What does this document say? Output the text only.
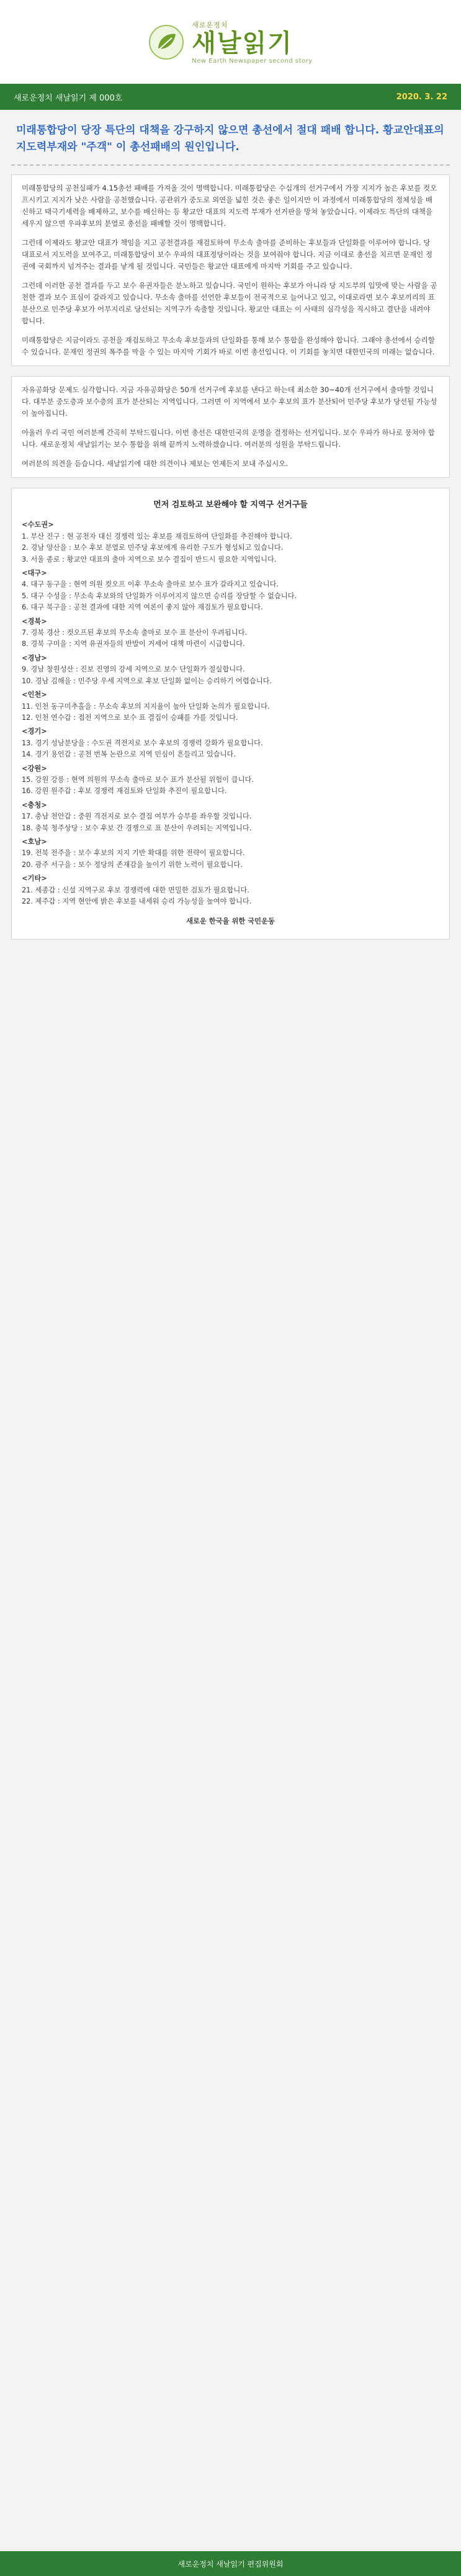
새로운정치
새날읽기
New Earth Newspaper second story
새로운정치 새날읽기 제 000호	2020. 3. 22

미래통합당이 당장 특단의 대책을 강구하지 않으면 총선에서 절대 패배 합니다. 황교안대표의 지도력부재와 "주객" 이 총선패배의 원인입니다.

미래통합당의 공천실패가 4.15총선 패배를 가져올 것이 명백합니다. 미래통합당은 수십개의 선거구에서 가장 지지가 높은 후보를 컷오프시키고 지지가 낮은 사람을 공천했습니다. 공관위가 중도로 외연을 넓힌 것은 좋은 일이지만 이 과정에서 미래통합당의 정체성을 배신하고 태극기세력을 배제하고, 보수를 배신하는 등 황교안 대표의 지도력 부재가 선거판을 망쳐 놓았습니다. 이제라도 특단의 대책을 세우지 않으면 우파후보의 분열로 총선을 패배할 것이 명백합니다.

그런데 이제라도 황교안 대표가 책임을 지고 공천결과를 재검토하여 무소속 출마를 준비하는 후보들과 단일화를 이루어야 합니다. 당 대표로서 지도력을 보여주고, 미래통합당이 보수 우파의 대표정당이라는 것을 보여줘야 합니다. 지금 이대로 총선을 치르면 문재인 정권에 국회까지 넘겨주는 결과를 낳게 될 것입니다. 국민들은 황교안 대표에게 마지막 기회를 주고 있습니다.

그런데 이러한 공천 결과를 두고 보수 유권자들은 분노하고 있습니다. 국민이 원하는 후보가 아니라 당 지도부의 입맛에 맞는 사람을 공천한 결과 보수 표심이 갈라지고 있습니다. 무소속 출마를 선언한 후보들이 전국적으로 늘어나고 있고, 이대로라면 보수 후보끼리의 표 분산으로 민주당 후보가 어부지리로 당선되는 지역구가 속출할 것입니다. 황교안 대표는 이 사태의 심각성을 직시하고 결단을 내려야 합니다.

미래통합당은 지금이라도 공천을 재검토하고 무소속 후보들과의 단일화를 통해 보수 통합을 완성해야 합니다. 그래야 총선에서 승리할 수 있습니다. 문재인 정권의 폭주를 막을 수 있는 마지막 기회가 바로 이번 총선입니다. 이 기회를 놓치면 대한민국의 미래는 없습니다.

자유공화당 문제도 심각합니다. 지금 자유공화당은 50개 선거구에 후보를 낸다고 하는데 최소한 30~40개 선거구에서 출마할 것입니다. 대부분 중도층과 보수층의 표가 분산되는 지역입니다. 그러면 이 지역에서 보수 후보의 표가 분산되어 민주당 후보가 당선될 가능성이 높아집니다.

아울러 우리 국민 여러분께 간곡히 부탁드립니다. 이번 총선은 대한민국의 운명을 결정하는 선거입니다. 보수 우파가 하나로 뭉쳐야 합니다. 새로운정치 새날읽기는 보수 통합을 위해 끝까지 노력하겠습니다. 여러분의 성원을 부탁드립니다.

여러분의 의견을 듣습니다. 새날읽기에 대한 의견이나 제보는 언제든지 보내 주십시오.

먼저 검토하고 보완해야 할 지역구 선거구들
<수도권>
1. 부산 진구 : 현 공천자 대신 경쟁력 있는 후보를 재검토하여 단일화를 추진해야 합니다.
2. 경남 양산을 : 보수 후보 분열로 민주당 후보에게 유리한 구도가 형성되고 있습니다.
3. 서울 종로 : 황교안 대표의 출마 지역으로 보수 결집이 반드시 필요한 지역입니다.
<대구>
4. 대구 동구을 : 현역 의원 컷오프 이후 무소속 출마로 보수 표가 갈라지고 있습니다.
5. 대구 수성을 : 무소속 후보와의 단일화가 이루어지지 않으면 승리를 장담할 수 없습니다.
6. 대구 북구을 : 공천 결과에 대한 지역 여론이 좋지 않아 재검토가 필요합니다.
<경북>
7. 경북 경산 : 컷오프된 후보의 무소속 출마로 보수 표 분산이 우려됩니다.
8. 경북 구미을 : 지역 유권자들의 반발이 거세어 대책 마련이 시급합니다.
<경남>
9. 경남 창원성산 : 진보 진영의 강세 지역으로 보수 단일화가 절실합니다.
10. 경남 김해을 : 민주당 우세 지역으로 후보 단일화 없이는 승리하기 어렵습니다.
<인천>
11. 인천 동구미추홀을 : 무소속 후보의 지지율이 높아 단일화 논의가 필요합니다.
12. 인천 연수갑 : 접전 지역으로 보수 표 결집이 승패를 가를 것입니다.
<경기>
13. 경기 성남분당을 : 수도권 격전지로 보수 후보의 경쟁력 강화가 필요합니다.
14. 경기 용인갑 : 공천 번복 논란으로 지역 민심이 흔들리고 있습니다.
<강원>
15. 강원 강릉 : 현역 의원의 무소속 출마로 보수 표가 분산될 위험이 큽니다.
16. 강원 원주갑 : 후보 경쟁력 재검토와 단일화 추진이 필요합니다.
<충청>
17. 충남 천안갑 : 중원 격전지로 보수 결집 여부가 승부를 좌우할 것입니다.
18. 충북 청주상당 : 보수 후보 간 경쟁으로 표 분산이 우려되는 지역입니다.
<호남>
19. 전북 전주을 : 보수 후보의 지지 기반 확대를 위한 전략이 필요합니다.
20. 광주 서구을 : 보수 정당의 존재감을 높이기 위한 노력이 필요합니다.
<기타>
21. 세종갑 : 신설 지역구로 후보 경쟁력에 대한 면밀한 검토가 필요합니다.
22. 제주갑 : 지역 현안에 밝은 후보를 내세워 승리 가능성을 높여야 합니다.
새로운 한국을 위한 국민운동
새로운정치 새날읽기 편집위원회
